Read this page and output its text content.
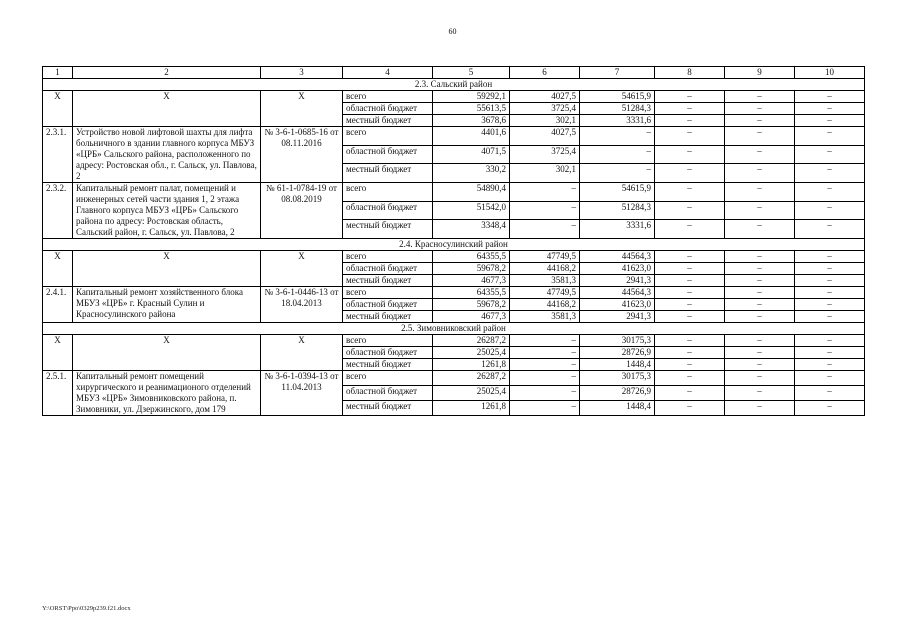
60
1	2	3	4	5	6	7	8	9	10
2.3. Сальский район									
Х	Х	Х	всего	59292,1	4027,5	54615,9	–	–	–
			областной бюджет	55613,5	3725,4	51284,3	–	–	–
			местный бюджет	3678,6	302,1	3331,6	–	–	–
2.3.1.	Устройство новой лифтовой шахты для лифта больничного в здании главного корпуса МБУЗ «ЦРБ» Сальского района, расположенного по адресу: Ростовская обл., г. Сальск, ул. Павлова, 2	№ 3-6-1-0685-16 от 08.11.2016	всего	4401,6	4027,5	–	–	–	–
			областной бюджет	4071,5	3725,4	–	–	–	–
			местный бюджет	330,2	302,1	–	–	–	–
2.3.2.	Капитальный ремонт палат, помещений и инженерных сетей части здания 1, 2 этажа Главного корпуса МБУЗ «ЦРБ» Сальского района по адресу: Ростовская область, Сальский район, г. Сальск, ул. Павлова, 2	№ 61-1-0784-19 от 08.08.2019	всего	54890,4	–	54615,9	–	–	–
			областной бюджет	51542,0	–	51284,3	–	–	–
			местный бюджет	3348,4	–	3331,6	–	–	–
2.4. Красносулинский район									
Х	Х	Х	всего	64355,5	47749,5	44564,3	–	–	–
			областной бюджет	59678,2	44168,2	41623,0	–	–	–
			местный бюджет	4677,3	3581,3	2941,3	–	–	–
2.4.1.	Капитальный ремонт хозяйственного блока МБУЗ «ЦРБ» г. Красный Сулин и Красносулинского района	№ 3-6-1-0446-13 от 18.04.2013	всего	64355,5	47749,5	44564,3	–	–	–
			областной бюджет	59678,2	44168,2	41623,0	–	–	–
			местный бюджет	4677,3	3581,3	2941,3	–	–	–
2.5. Зимовниковский район									
Х	Х	Х	всего	26287,2	–	30175,3	–	–	–
			областной бюджет	25025,4	–	28726,9	–	–	–
			местный бюджет	1261,8	–	1448,4	–	–	–
2.5.1.	Капитальный ремонт помещений хирургического и реанимационого отделений МБУЗ «ЦРБ» Зимовниковского района, п. Зимовники, ул. Дзержинского, дом 179	№ 3-6-1-0394-13 от 11.04.2013	всего	26287,2	–	30175,3	–	–	–
			областной бюджет	25025,4	–	28726,9	–	–	–
			местный бюджет	1261,8	–	1448,4	–	–	–
Y:\ORST\Ppo\0329p239.f21.docx
